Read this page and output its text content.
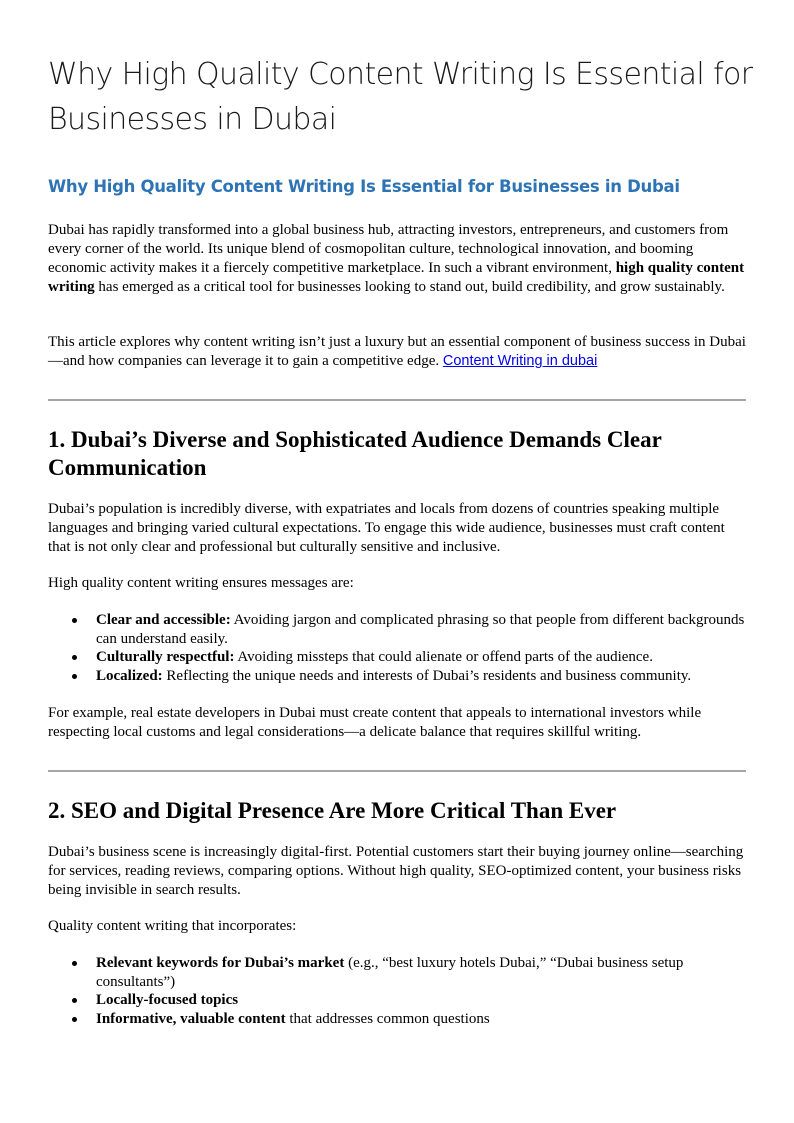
Why High Quality Content Writing Is Essential for Businesses in Dubai
Why High Quality Content Writing Is Essential for Businesses in Dubai

Dubai has rapidly transformed into a global business hub, attracting investors, entrepreneurs, and customers from every corner of the world. Its unique blend of cosmopolitan culture, technological innovation, and booming economic activity makes it a fiercely competitive marketplace. In such a vibrant environment, high quality content writing has emerged as a critical tool for businesses looking to stand out, build credibility, and grow sustainably.

This article explores why content writing isn’t just a luxury but an essential component of business success in Dubai—and how companies can leverage it to gain a competitive edge. Content Writing in dubai

1. Dubai’s Diverse and Sophisticated Audience Demands Clear Communication

Dubai’s population is incredibly diverse, with expatriates and locals from dozens of countries speaking multiple languages and bringing varied cultural expectations. To engage this wide audience, businesses must craft content that is not only clear and professional but culturally sensitive and inclusive.

High quality content writing ensures messages are:

Clear and accessible: Avoiding jargon and complicated phrasing so that people from different backgrounds can understand easily.
Culturally respectful: Avoiding missteps that could alienate or offend parts of the audience.
Localized: Reflecting the unique needs and interests of Dubai’s residents and business community.

For example, real estate developers in Dubai must create content that appeals to international investors while respecting local customs and legal considerations—a delicate balance that requires skillful writing.

2. SEO and Digital Presence Are More Critical Than Ever

Dubai’s business scene is increasingly digital-first. Potential customers start their buying journey online—searching for services, reading reviews, comparing options. Without high quality, SEO-optimized content, your business risks being invisible in search results.

Quality content writing that incorporates:

Relevant keywords for Dubai’s market (e.g., “best luxury hotels Dubai,” “Dubai business setup consultants”)
Locally-focused topics
Informative, valuable content that addresses common questions
